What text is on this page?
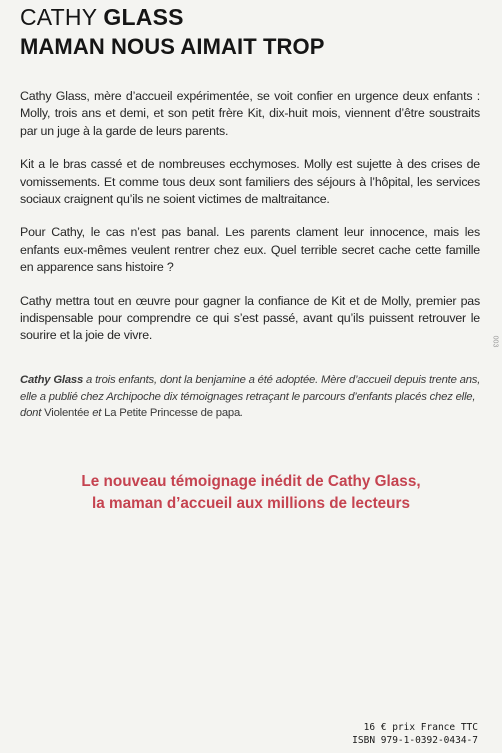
CATHY GLASS
MAMAN NOUS AIMAIT TROP

Cathy Glass, mère d’accueil expérimentée, se voit confier en urgence deux enfants : Molly, trois ans et demi, et son petit frère Kit, dix-huit mois, viennent d’être soustraits par un juge à la garde de leurs parents.

Kit a le bras cassé et de nombreuses ecchymoses. Molly est sujette à des crises de vomissements. Et comme tous deux sont familiers des séjours à l’hôpital, les services sociaux craignent qu’ils ne soient victimes de maltraitance.

Pour Cathy, le cas n’est pas banal. Les parents clament leur innocence, mais les enfants eux-mêmes veulent rentrer chez eux. Quel terrible secret cache cette famille en apparence sans histoire ?

Cathy mettra tout en œuvre pour gagner la confiance de Kit et de Molly, premier pas indispensable pour comprendre ce qui s’est passé, avant qu’ils puissent retrouver le sourire et la joie de vivre.

Cathy Glass a trois enfants, dont la benjamine a été adoptée. Mère d’accueil depuis trente ans, elle a publié chez Archipoche dix témoignages retraçant le parcours d’enfants placés chez elle, dont Violentée et La Petite Princesse de papa.

Le nouveau témoignage inédit de Cathy Glass,
la maman d’accueil aux millions de lecteurs
16 € prix France TTC
ISBN 979-1-0392-0434-7
003
